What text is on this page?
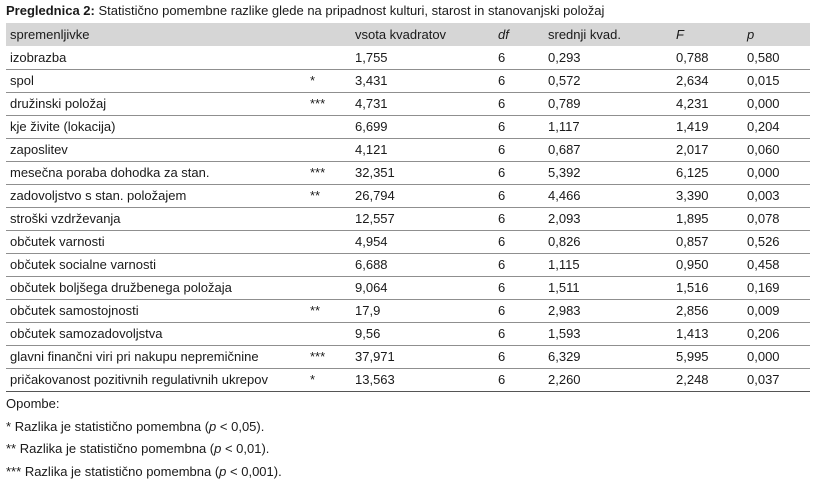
Preglednica 2: Statistično pomembne razlike glede na pripadnost kulturi, starost in stanovanjski položaj
spremenljivke		vsota kvadratov	df	srednji kvad.	F	p
izobrazba		1,755	6	0,293	0,788	0,580
spol	*	3,431	6	0,572	2,634	0,015
družinski položaj	***	4,731	6	0,789	4,231	0,000
kje živite (lokacija)		6,699	6	1,117	1,419	0,204
zaposlitev		4,121	6	0,687	2,017	0,060
mesečna poraba dohodka za stan.	***	32,351	6	5,392	6,125	0,000
zadovoljstvo s stan. položajem	**	26,794	6	4,466	3,390	0,003
stroški vzdrževanja		12,557	6	2,093	1,895	0,078
občutek varnosti		4,954	6	0,826	0,857	0,526
občutek socialne varnosti		6,688	6	1,115	0,950	0,458
občutek boljšega družbenega položaja		9,064	6	1,511	1,516	0,169
občutek samostojnosti	**	17,9	6	2,983	2,856	0,009
občutek samozadovoljstva		9,56	6	1,593	1,413	0,206
glavni finančni viri pri nakupu nepremičnine	***	37,971	6	6,329	5,995	0,000
pričakovanost pozitivnih regulativnih ukrepov	*	13,563	6	2,260	2,248	0,037
Opombe:
* Razlika je statistično pomembna (p < 0,05).
** Razlika je statistično pomembna (p < 0,01).
*** Razlika je statistično pomembna (p < 0,001).
